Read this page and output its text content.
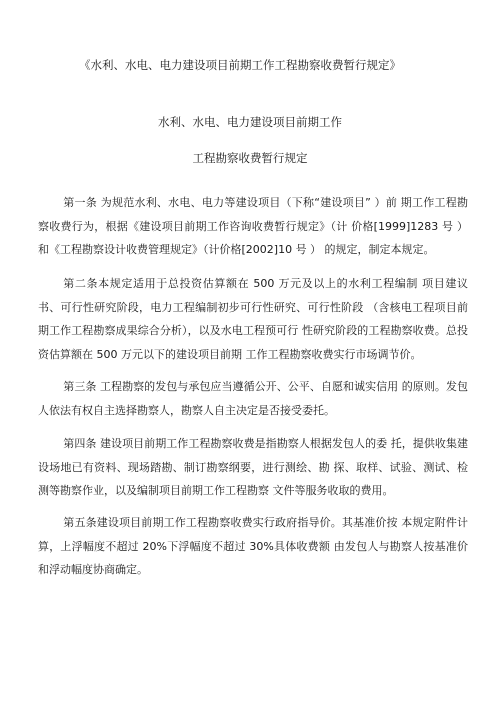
《水利、水电、电力建设项目前期工作工程勘察收费暂行规定》
水利、水电、电力建设项目前期工作
工程勘察收费暂行规定
第一条 为规范水利、水电、电力等建设项目（下称“建设项目” ）前 期工作工程勘察收费行为，根据《建设项目前期工作咨询收费暂行规定》（计 价格[1999]1283 号 ）和《工程勘察设计收费管理规定》（计价格[2002]10 号 ） 的规定，制定本规定。
第二条本规定适用于总投资估算额在 500 万元及以上的水利工程编制 项目建议书、可行性研究阶段，电力工程编制初步可行性研究、可行性阶段 （含核电工程项目前期工作工程勘察成果综合分析），以及水电工程预可行 性研究阶段的工程勘察收费。总投资估算额在 500 万元以下的建设项目前期 工作工程勘察收费实行市场调节价。
第三条 工程勘察的发包与承包应当遵循公开、公平、自愿和诚实信用 的原则。发包人依法有权自主选择勘察人，勘察人自主决定是否接受委托。
第四条 建设项目前期工作工程勘察收费是指勘察人根据发包人的委 托，提供收集建设场地已有资料、现场踏勘、制订勘察纲要，进行测绘、勘 探、取样、试验、测试、检测等勘察作业，以及编制项目前期工作工程勘察 文件等服务收取的费用。
第五条建设项目前期工作工程勘察收费实行政府指导价。其基准价按 本规定附件计算，上浮幅度不超过 20%下浮幅度不超过 30%具体收费额 由发包人与勘察人按基准价和浮动幅度协商确定。
